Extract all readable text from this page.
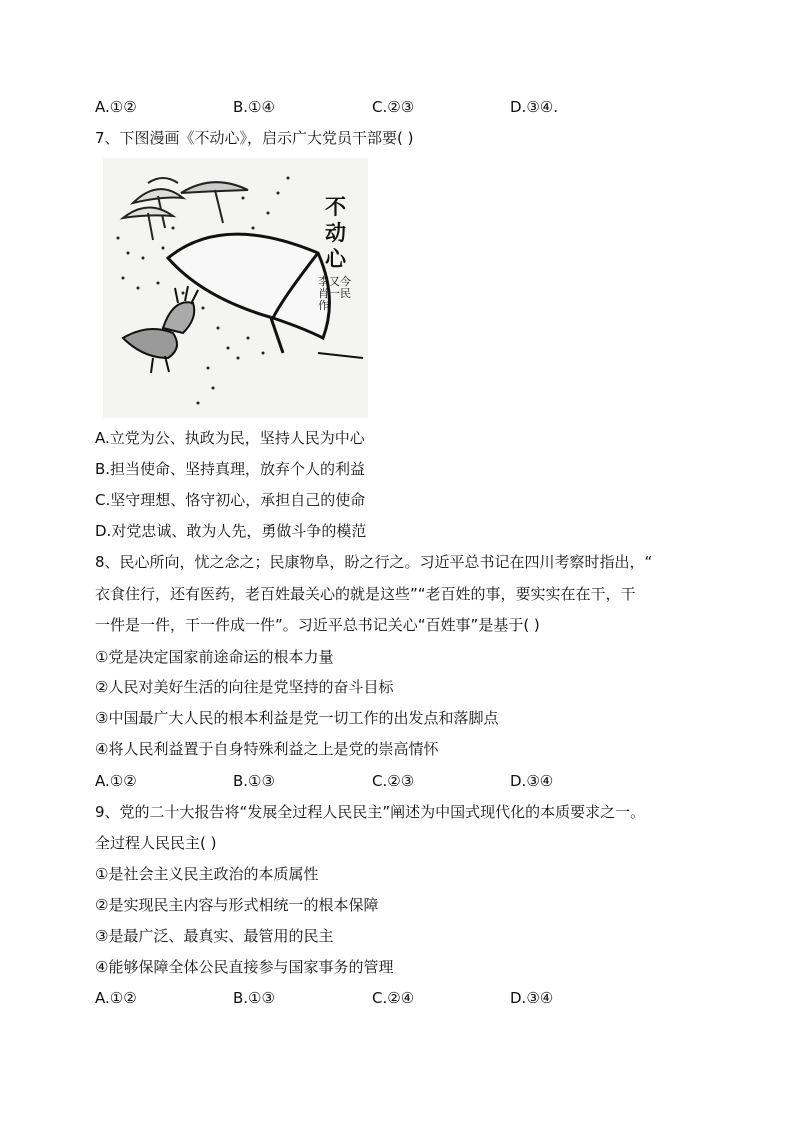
A.①②	B.①④	C.②③	D.③④.
7、下图漫画《不动心》，启示广大党员干部要( )
不动心
李又今 肖一民作
A.立党为公、执政为民，坚持人民为中心
B.担当使命、坚持真理，放弃个人的利益
C.坚守理想、恪守初心，承担自己的使命
D.对党忠诚、敢为人先，勇做斗争的模范
8、民心所向，忧之念之；民康物阜，盼之行之。习近平总书记在四川考察时指出，“
衣食住行，还有医药，老百姓最关心的就是这些”“老百姓的事，要实实在在干，干
一件是一件，干一件成一件”。习近平总书记关心“百姓事”是基于( )
①党是决定国家前途命运的根本力量
②人民对美好生活的向往是党坚持的奋斗目标
③中国最广大人民的根本利益是党一切工作的出发点和落脚点
④将人民利益置于自身特殊利益之上是党的崇高情怀
A.①②	B.①③	C.②③	D.③④
9、党的二十大报告将“发展全过程人民民主”阐述为中国式现代化的本质要求之一。
全过程人民民主( )
①是社会主义民主政治的本质属性
②是实现民主内容与形式相统一的根本保障
③是最广泛、最真实、最管用的民主
④能够保障全体公民直接参与国家事务的管理
A.①②	B.①③	C.②④	D.③④
